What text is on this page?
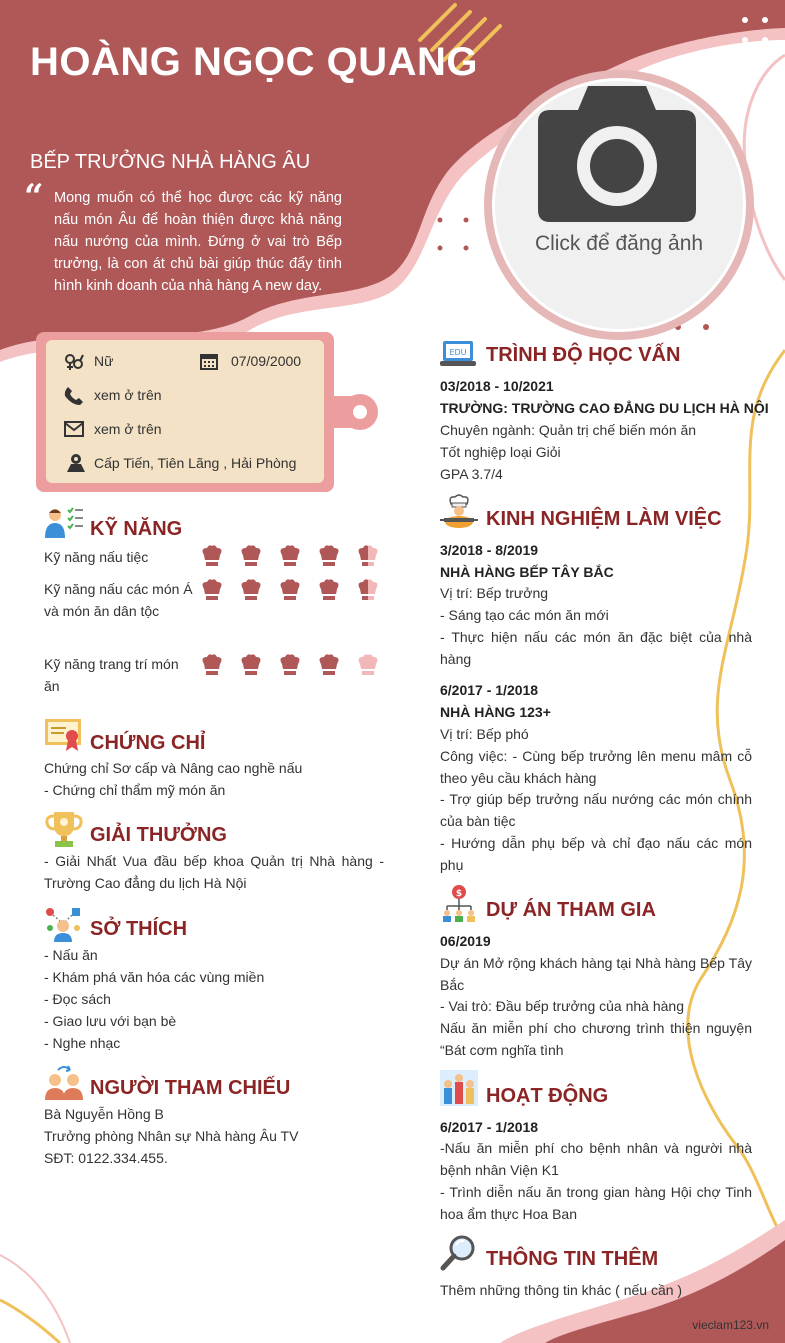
HOÀNG NGỌC QUANG
BẾP TRƯỞNG NHÀ HÀNG ÂU
“ Mong muốn có thể học được các kỹ năng nấu món Âu để hoàn thiện được khả năng nấu nướng của mình. Đứng ở vai trò Bếp trưởng, là con át chủ bài giúp thúc đẩy tình hình kinh doanh của nhà hàng A new day. “
Click để đăng ảnh
Nữ	07/09/2000
xem ở trên
xem ở trên
Cấp Tiến, Tiên Lãng , Hải Phòng
KỸ NĂNG
Kỹ năng nấu tiệc
Kỹ năng nấu các món Á và món ăn dân tộc
Kỹ năng trang trí món ăn
CHỨNG CHỈ
Chứng chỉ Sơ cấp và Nâng cao nghề nấu
- Chứng chỉ thẩm mỹ món ăn
GIẢI THƯỞNG
- Giải Nhất Vua đầu bếp khoa Quản trị Nhà hàng - Trường Cao đẳng du lịch Hà Nội
SỞ THÍCH
- Nấu ăn
- Khám phá văn hóa các vùng miền
- Đọc sách
- Giao lưu với bạn bè
- Nghe nhạc
NGƯỜI THAM CHIẾU
Bà Nguyễn Hồng B
Trưởng phòng Nhân sự Nhà hàng Âu TV
SĐT: 0122.334.455.
EDU TRÌNH ĐỘ HỌC VẤN
03/2018 - 10/2021
TRƯỜNG: TRƯỜNG CAO ĐẲNG DU LỊCH HÀ NỘI
Chuyên ngành: Quản trị chế biến món ăn
Tốt nghiệp loại Giỏi
GPA 3.7/4
KINH NGHIỆM LÀM VIỆC
3/2018 - 8/2019
NHÀ HÀNG BẾP TÂY BẮC
Vị trí: Bếp trưởng
- Sáng tạo các món ăn mới
- Thực hiện nấu các món ăn đặc biệt của nhà hàng
6/2017 - 1/2018
NHÀ HÀNG 123+
Vị trí: Bếp phó
Công việc: - Cùng bếp trưởng lên menu mâm cỗ theo yêu cầu khách hàng
- Trợ giúp bếp trưởng nấu nướng các món chính của bàn tiệc
- Hướng dẫn phụ bếp và chỉ đạo nấu các món phụ
$
DỰ ÁN THAM GIA
06/2019
Dự án Mở rộng khách hàng tại Nhà hàng Bếp Tây Bắc
- Vai trò: Đầu bếp trưởng của nhà hàng
Nấu ăn miễn phí cho chương trình thiện nguyện “Bát cơm nghĩa tình
HOẠT ĐỘNG
6/2017 - 1/2018
-Nấu ăn miễn phí cho bệnh nhân và người nhà bệnh nhân Viện K1
- Trình diễn nấu ăn trong gian hàng Hội chợ Tinh hoa ẩm thực Hoa Ban
THÔNG TIN THÊM
Thêm những thông tin khác ( nếu cần )
vieclam123.vn
